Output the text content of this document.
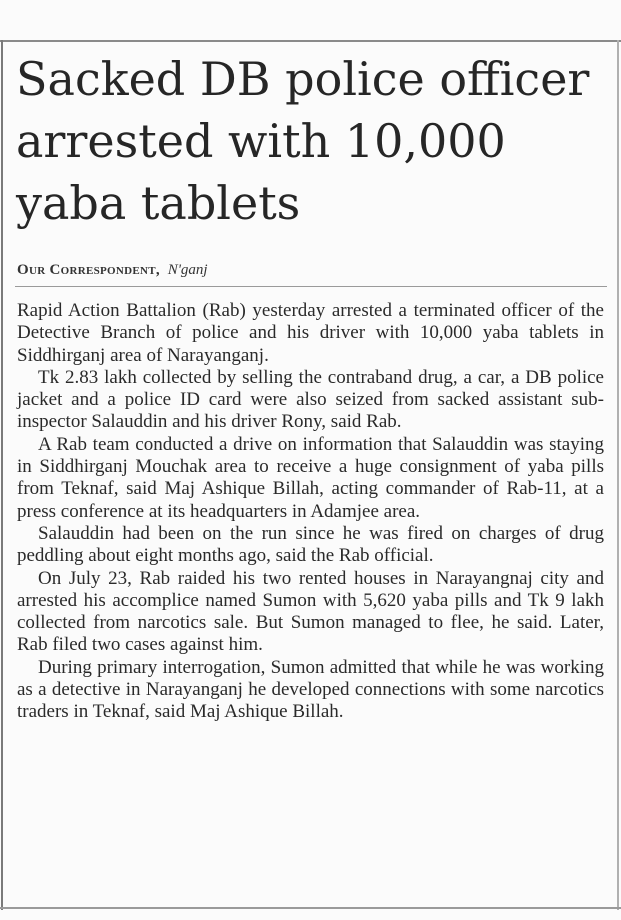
Sacked DB police officer arrested with 10,000 yaba tablets
Our Correspondent, N'ganj

Rapid Action Battalion (Rab) yesterday arrested a terminated officer of the Detective Branch of police and his driver with 10,000 yaba tablets in Siddhirganj area of Narayanganj.

Tk 2.83 lakh collected by selling the contraband drug, a car, a DB police jacket and a police ID card were also seized from sacked assistant sub-inspector Salauddin and his driver Rony, said Rab.

A Rab team conducted a drive on information that Salauddin was staying in Siddhirganj Mouchak area to receive a huge consignment of yaba pills from Teknaf, said Maj Ashique Billah, acting commander of Rab-11, at a press conference at its headquarters in Adamjee area.

Salauddin had been on the run since he was fired on charges of drug peddling about eight months ago, said the Rab official.

On July 23, Rab raided his two rented houses in Narayangnaj city and arrested his accomplice named Sumon with 5,620 yaba pills and Tk 9 lakh collected from narcotics sale. But Sumon managed to flee, he said. Later, Rab filed two cases against him.

During primary interrogation, Sumon admitted that while he was working as a detective in Narayanganj he developed connections with some narcotics traders in Teknaf, said Maj Ashique Billah.
